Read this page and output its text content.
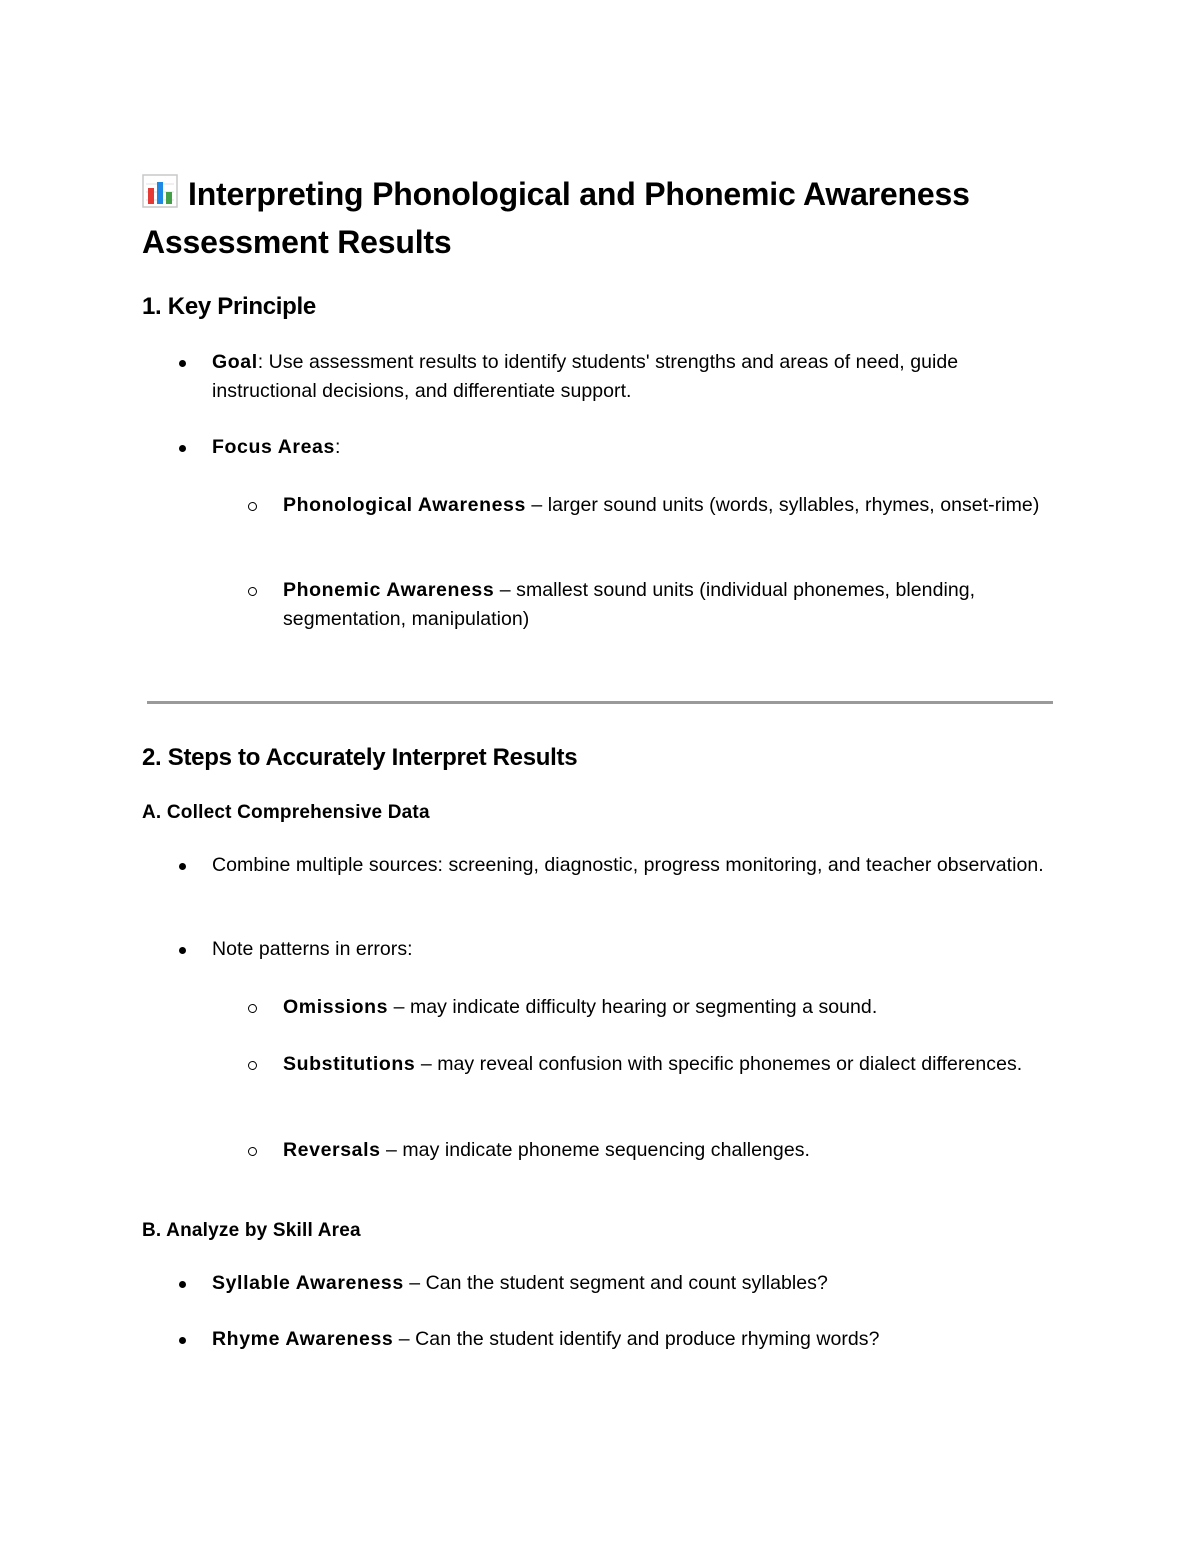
Interpreting Phonological and Phonemic Awareness Assessment Results
1. Key Principle
Goal: Use assessment results to identify students' strengths and areas of need, guide instructional decisions, and differentiate support.
Focus Areas:
Phonological Awareness – larger sound units (words, syllables, rhymes, onset-rime)
Phonemic Awareness – smallest sound units (individual phonemes, blending, segmentation, manipulation)
2. Steps to Accurately Interpret Results
A. Collect Comprehensive Data
Combine multiple sources: screening, diagnostic, progress monitoring, and teacher observation.
Note patterns in errors:
Omissions – may indicate difficulty hearing or segmenting a sound.
Substitutions – may reveal confusion with specific phonemes or dialect differences.
Reversals – may indicate phoneme sequencing challenges.
B. Analyze by Skill Area
Syllable Awareness – Can the student segment and count syllables?
Rhyme Awareness – Can the student identify and produce rhyming words?
